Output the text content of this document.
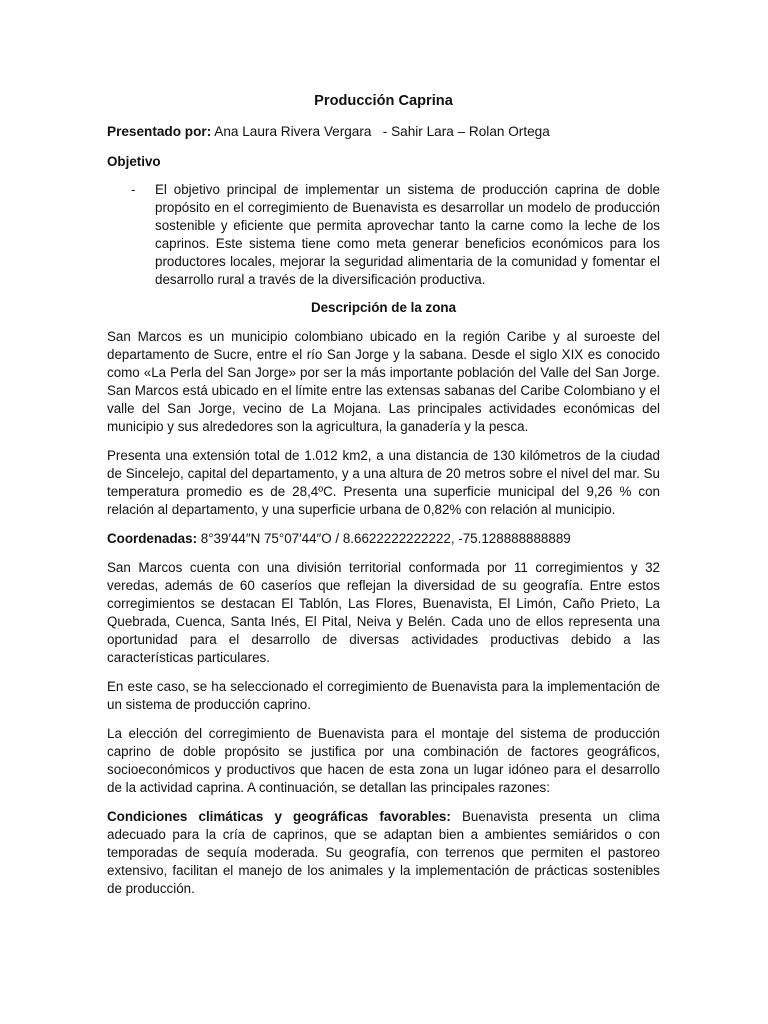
Producción Caprina
Presentado por: Ana Laura Rivera Vergara   - Sahir Lara – Rolan Ortega
Objetivo
- El objetivo principal de implementar un sistema de producción caprina de doble propósito en el corregimiento de Buenavista es desarrollar un modelo de producción sostenible y eficiente que permita aprovechar tanto la carne como la leche de los caprinos. Este sistema tiene como meta generar beneficios económicos para los productores locales, mejorar la seguridad alimentaria de la comunidad y fomentar el desarrollo rural a través de la diversificación productiva.
Descripción de la zona

San Marcos es un municipio colombiano ubicado en la región Caribe y al suroeste del departamento de Sucre, entre el río San Jorge y la sabana. Desde el siglo XIX es conocido como «La Perla del San Jorge» por ser la más importante población del Valle del San Jorge. San Marcos está ubicado en el límite entre las extensas sabanas del Caribe Colombiano y el valle del San Jorge, vecino de La Mojana. Las principales actividades económicas del municipio y sus alrededores son la agricultura, la ganadería y la pesca.

Presenta una extensión total de 1.012 km2, a una distancia de 130 kilómetros de la ciudad de Sincelejo, capital del departamento, y a una altura de 20 metros sobre el nivel del mar. Su temperatura promedio es de 28,4ºC. Presenta una superficie municipal del 9,26 % con relación al departamento, y una superficie urbana de 0,82% con relación al municipio.

Coordenadas: 8°39′44″N 75°07′44″O / 8.6622222222222, -75.128888888889

San Marcos cuenta con una división territorial conformada por 11 corregimientos y 32 veredas, además de 60 caseríos que reflejan la diversidad de su geografía. Entre estos corregimientos se destacan El Tablón, Las Flores, Buenavista, El Limón, Caño Prieto, La Quebrada, Cuenca, Santa Inés, El Pital, Neiva y Belén. Cada uno de ellos representa una oportunidad para el desarrollo de diversas actividades productivas debido a las características particulares.

En este caso, se ha seleccionado el corregimiento de Buenavista para la implementación de un sistema de producción caprino.

La elección del corregimiento de Buenavista para el montaje del sistema de producción caprino de doble propósito se justifica por una combinación de factores geográficos, socioeconómicos y productivos que hacen de esta zona un lugar idóneo para el desarrollo de la actividad caprina. A continuación, se detallan las principales razones:

Condiciones climáticas y geográficas favorables: Buenavista presenta un clima adecuado para la cría de caprinos, que se adaptan bien a ambientes semiáridos o con temporadas de sequía moderada. Su geografía, con terrenos que permiten el pastoreo extensivo, facilitan el manejo de los animales y la implementación de prácticas sostenibles de producción.
